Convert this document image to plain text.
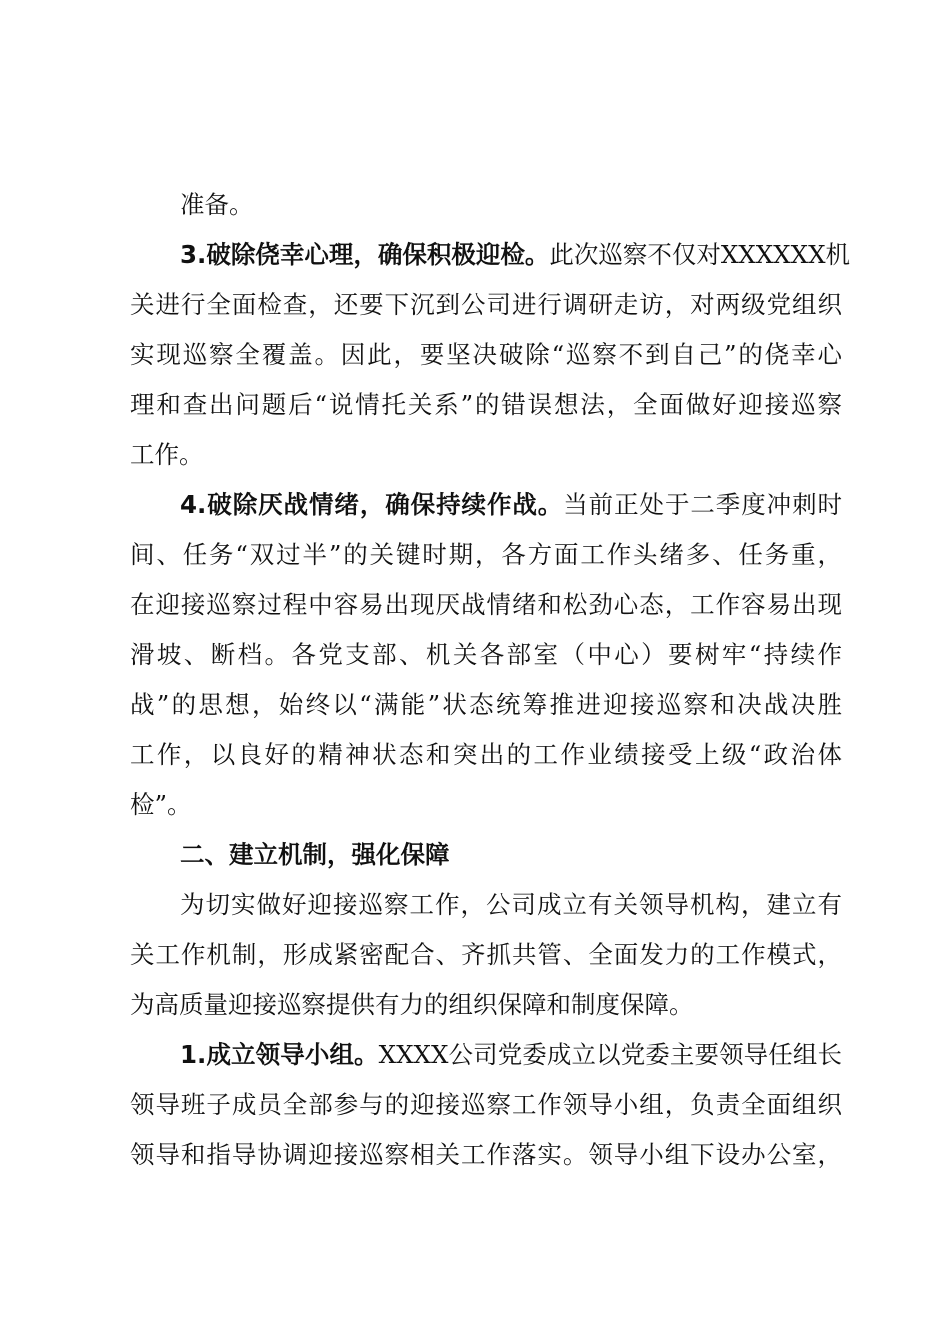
准备。
3.破除侥幸心理，确保积极迎检。此次巡察不仅对XXXXXX机
关进行全面检查，还要下沉到公司进行调研走访，对两级党组织
实现巡察全覆盖。因此，要坚决破除“巡察不到自己”的侥幸心
理和查出问题后“说情托关系”的错误想法，全面做好迎接巡察
工作。
4.破除厌战情绪，确保持续作战。当前正处于二季度冲刺时
间、任务“双过半”的关键时期，各方面工作头绪多、任务重，
在迎接巡察过程中容易出现厌战情绪和松劲心态，工作容易出现
滑坡、断档。各党支部、机关各部室（中心）要树牢“持续作
战”的思想，始终以“满能”状态统筹推进迎接巡察和决战决胜
工作，以良好的精神状态和突出的工作业绩接受上级“政治体
检”。
二、建立机制，强化保障
为切实做好迎接巡察工作，公司成立有关领导机构，建立有
关工作机制，形成紧密配合、齐抓共管、全面发力的工作模式，
为高质量迎接巡察提供有力的组织保障和制度保障。
1.成立领导小组。XXXX公司党委成立以党委主要领导任组长
领导班子成员全部参与的迎接巡察工作领导小组，负责全面组织
领导和指导协调迎接巡察相关工作落实。领导小组下设办公室，
